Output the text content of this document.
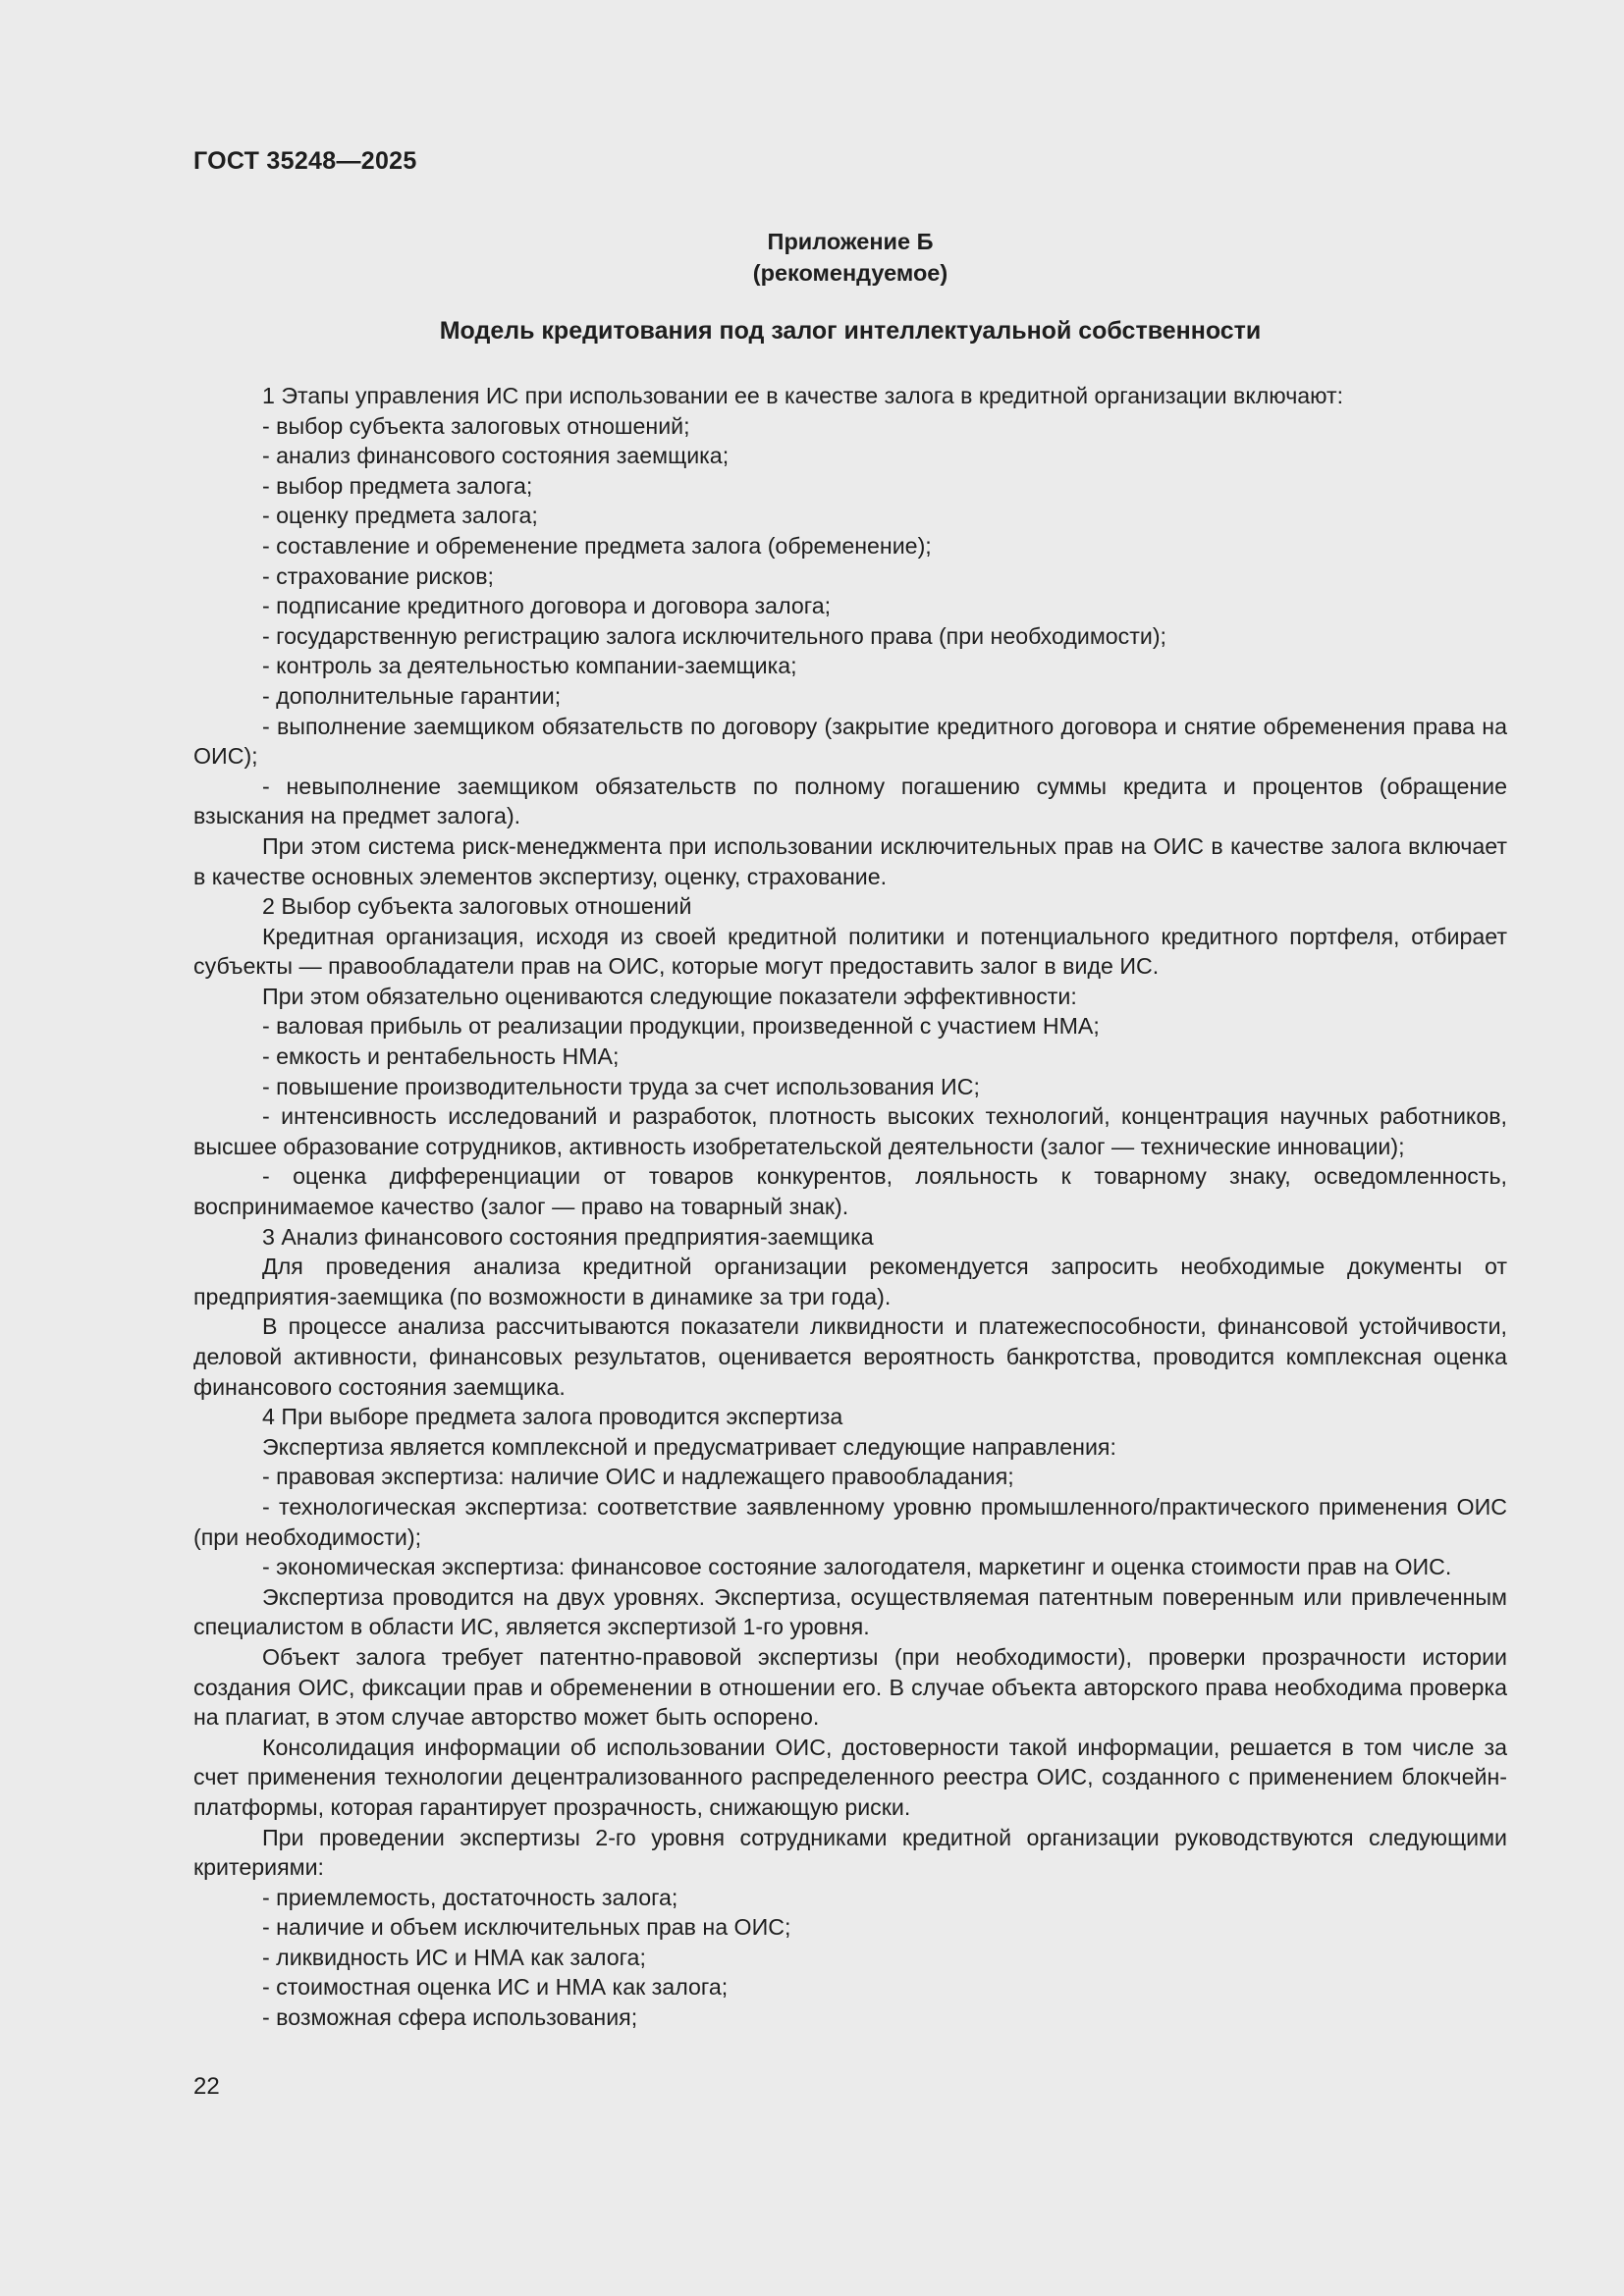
ГОСТ 35248—2025
Приложение Б
(рекомендуемое)
Модель кредитования под залог интеллектуальной собственности

1 Этапы управления ИС при использовании ее в качестве залога в кредитной организации включают:

- выбор субъекта залоговых отношений;

- анализ финансового состояния заемщика;

- выбор предмета залога;

- оценку предмета залога;

- составление и обременение предмета залога (обременение);

- страхование рисков;

- подписание кредитного договора и договора залога;

- государственную регистрацию залога исключительного права (при необходимости);

- контроль за деятельностью компании-заемщика;

- дополнительные гарантии;

- выполнение заемщиком обязательств по договору (закрытие кредитного договора и снятие обременения права на ОИС);

- невыполнение заемщиком обязательств по полному погашению суммы кредита и процентов (обращение взыскания на предмет залога).

При этом система риск-менеджмента при использовании исключительных прав на ОИС в качестве залога включает в качестве основных элементов экспертизу, оценку, страхование.

2 Выбор субъекта залоговых отношений

Кредитная организация, исходя из своей кредитной политики и потенциального кредитного портфеля, отбирает субъекты — правообладатели прав на ОИС, которые могут предоставить залог в виде ИС.

При этом обязательно оцениваются следующие показатели эффективности:

- валовая прибыль от реализации продукции, произведенной с участием НМА;

- емкость и рентабельность НМА;

- повышение производительности труда за счет использования ИС;

- интенсивность исследований и разработок, плотность высоких технологий, концентрация научных работников, высшее образование сотрудников, активность изобретательской деятельности (залог — технические инновации);

- оценка дифференциации от товаров конкурентов, лояльность к товарному знаку, осведомленность, воспринимаемое качество (залог — право на товарный знак).

3 Анализ финансового состояния предприятия-заемщика

Для проведения анализа кредитной организации рекомендуется запросить необходимые документы от предприятия-заемщика (по возможности в динамике за три года).

В процессе анализа рассчитываются показатели ликвидности и платежеспособности, финансовой устойчивости, деловой активности, финансовых результатов, оценивается вероятность банкротства, проводится комплексная оценка финансового состояния заемщика.

4 При выборе предмета залога проводится экспертиза

Экспертиза является комплексной и предусматривает следующие направления:

- правовая экспертиза: наличие ОИС и надлежащего правообладания;

- технологическая экспертиза: соответствие заявленному уровню промышленного/практического применения ОИС (при необходимости);

- экономическая экспертиза: финансовое состояние залогодателя, маркетинг и оценка стоимости прав на ОИС.

Экспертиза проводится на двух уровнях. Экспертиза, осуществляемая патентным поверенным или привлеченным специалистом в области ИС, является экспертизой 1-го уровня.

Объект залога требует патентно-правовой экспертизы (при необходимости), проверки прозрачности истории создания ОИС, фиксации прав и обременении в отношении его. В случае объекта авторского права необходима проверка на плагиат, в этом случае авторство может быть оспорено.

Консолидация информации об использовании ОИС, достоверности такой информации, решается в том числе за счет применения технологии децентрализованного распределенного реестра ОИС, созданного с применением блокчейн-платформы, которая гарантирует прозрачность, снижающую риски.

При проведении экспертизы 2-го уровня сотрудниками кредитной организации руководствуются следующими критериями:

- приемлемость, достаточность залога;

- наличие и объем исключительных прав на ОИС;

- ликвидность ИС и НМА как залога;

- стоимостная оценка ИС и НМА как залога;

- возможная сфера использования;

22
